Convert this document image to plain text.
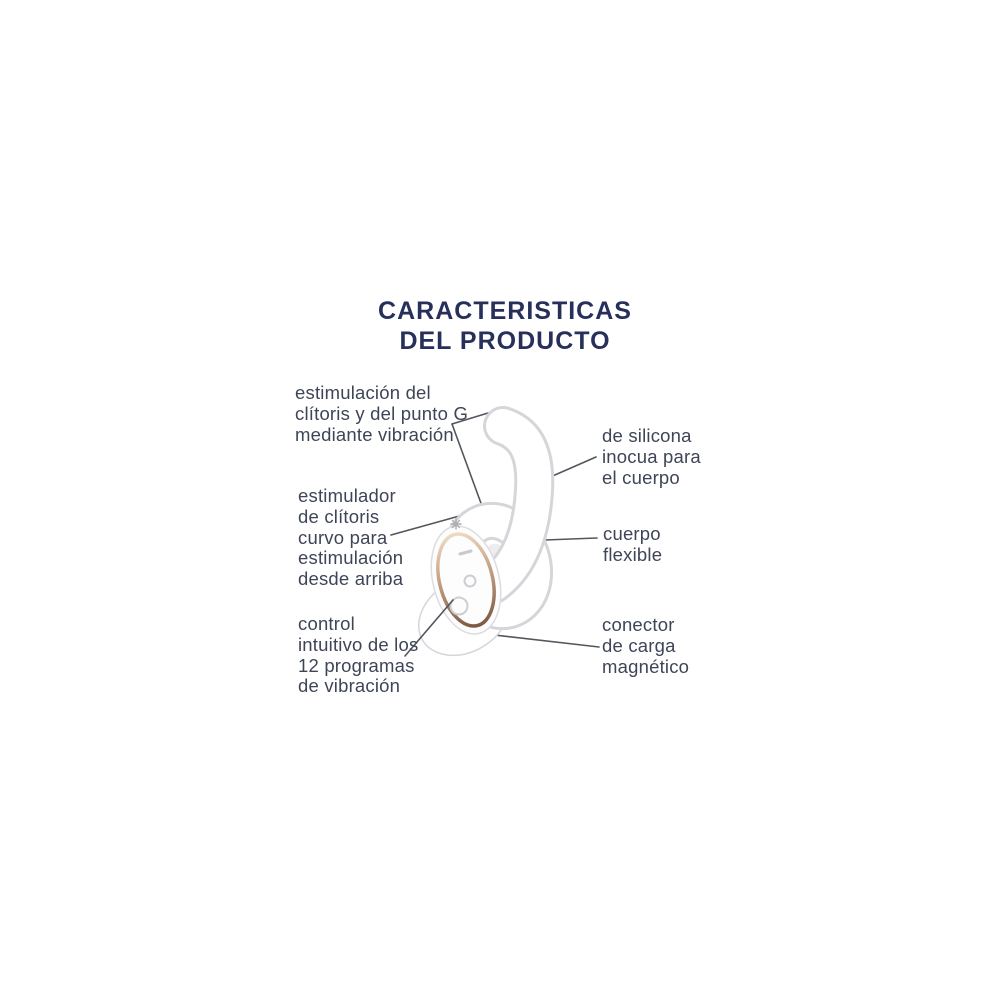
CARACTERISTICAS
DEL PRODUCTO
estimulación del
clítoris y del punto G
mediante vibración
estimulador
de clítoris
curvo para
estimulación
desde arriba
control
intuitivo de los
12 programas
de vibración
de silicona
inocua para
el cuerpo
cuerpo
flexible
conector
de carga
magnético
